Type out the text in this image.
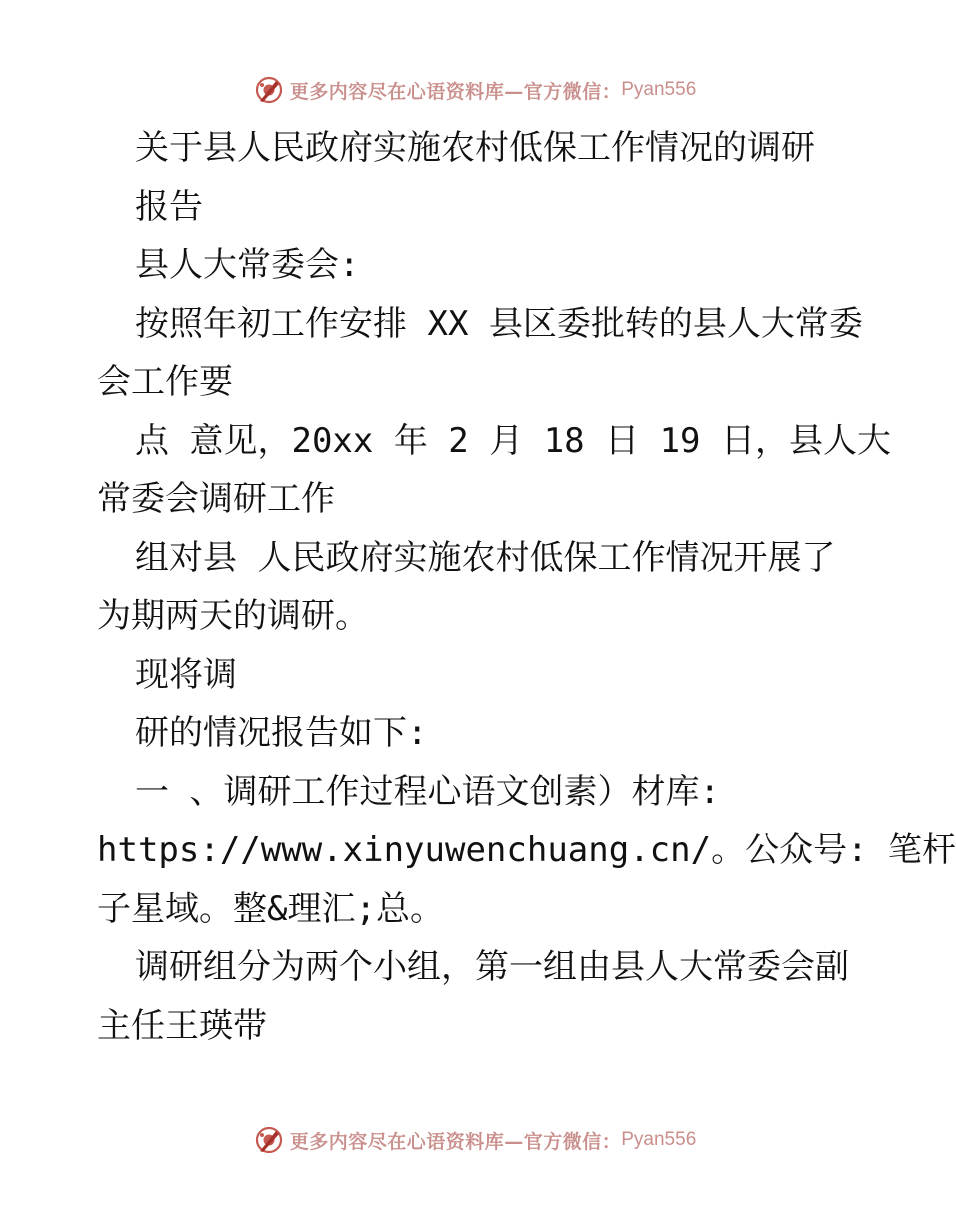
更多内容尽在心语资料库—官方微信： Pyan556
关于县人民政府实施农村低保工作情况的调研
报告
县人大常委会:
按照年初工作安排 XX 县区委批转的县人大常委
会工作要
点 意见，20xx 年 2 月 18 日 19 日，县人大
常委会调研工作
组对县 人民政府实施农村低保工作情况开展了
为期两天的调研。
现将调
研的情况报告如下:
一 、调研工作过程心语文创素）材库:
https://www.xinyuwenchuang.cn/。公众号: 笔杆
子星域。整&理汇;总。
调研组分为两个小组，第一组由县人大常委会副
主任王瑛带
更多内容尽在心语资料库—官方微信： Pyan556
